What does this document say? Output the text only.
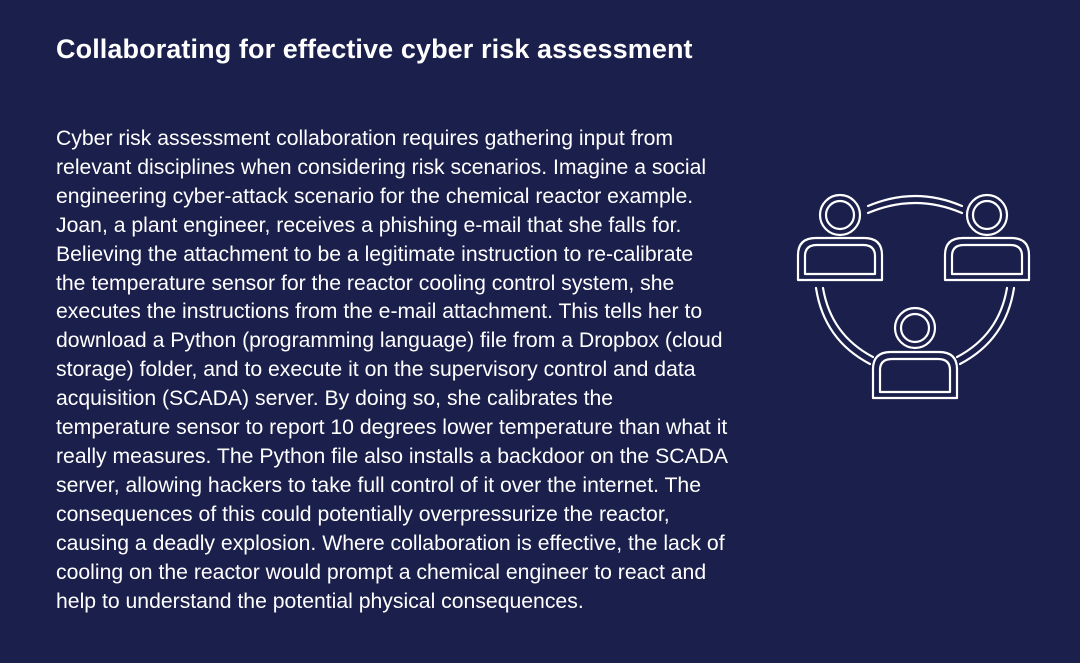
Collaborating for effective cyber risk assessment

Cyber risk assessment collaboration requires gathering input from
relevant disciplines when considering risk scenarios. Imagine a social
engineering cyber-attack scenario for the chemical reactor example.
Joan, a plant engineer, receives a phishing e-mail that she falls for.
Believing the attachment to be a legitimate instruction to re-calibrate
the temperature sensor for the reactor cooling control system, she
executes the instructions from the e-mail attachment. This tells her to
download a Python (programming language) file from a Dropbox (cloud
storage) folder, and to execute it on the supervisory control and data
acquisition (SCADA) server. By doing so, she calibrates the
temperature sensor to report 10 degrees lower temperature than what it
really measures. The Python file also installs a backdoor on the SCADA
server, allowing hackers to take full control of it over the internet. The
consequences of this could potentially overpressurize the reactor,
causing a deadly explosion. Where collaboration is effective, the lack of
cooling on the reactor would prompt a chemical engineer to react and
help to understand the potential physical consequences.
